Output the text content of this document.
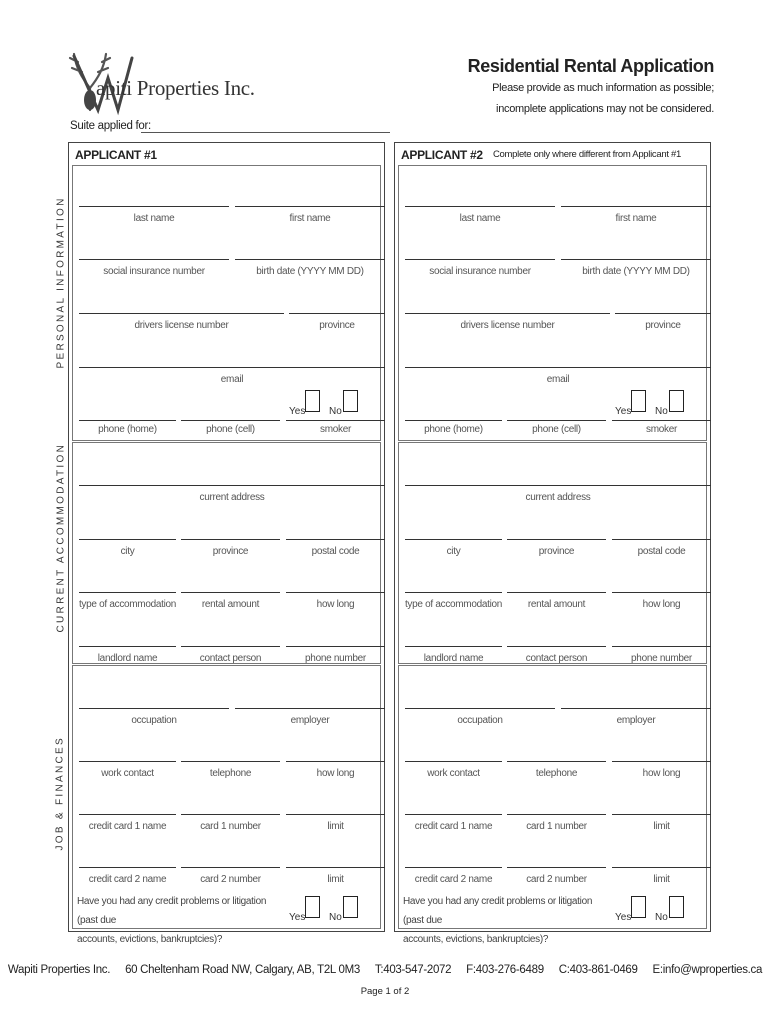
apiti Properties Inc.
Residential Rental Application
Please provide as much information as possible;
incomplete applications may not be considered.
Suite applied for:
PERSONAL INFORMATION
CURRENT ACCOMMODATION
JOB & FINANCES
APPLICANT #1
last name	first name
social insurance number	birth date (YYYY MM DD)
drivers license number	province
email
phone (home)	phone (cell)	smoker
Yes No
current address
city	province	postal code
type of accommodation	rental amount	how long
landlord name	contact person	phone number
occupation	employer
work contact	telephone	how long
credit card 1 name	card 1 number	limit
credit card 2 name	card 2 number	limit
Have you had any credit problems or litigation (past due
accounts, evictions, bankruptcies)?
Yes No
APPLICANT #2 Complete only where different from Applicant #1
last name	first name
social insurance number	birth date (YYYY MM DD)
drivers license number	province
email
phone (home)	phone (cell)	smoker
Yes No
current address
city	province	postal code
type of accommodation	rental amount	how long
landlord name	contact person	phone number
occupation	employer
work contact	telephone	how long
credit card 1 name	card 1 number	limit
credit card 2 name	card 2 number	limit
Have you had any credit problems or litigation (past due
accounts, evictions, bankruptcies)?
Yes No
Wapiti Properties Inc. 60 Cheltenham Road NW, Calgary, AB, T2L 0M3 T:403-547-2072 F:403-276-6489 C:403-861-0469 E:info@wproperties.ca
Page 1 of 2
